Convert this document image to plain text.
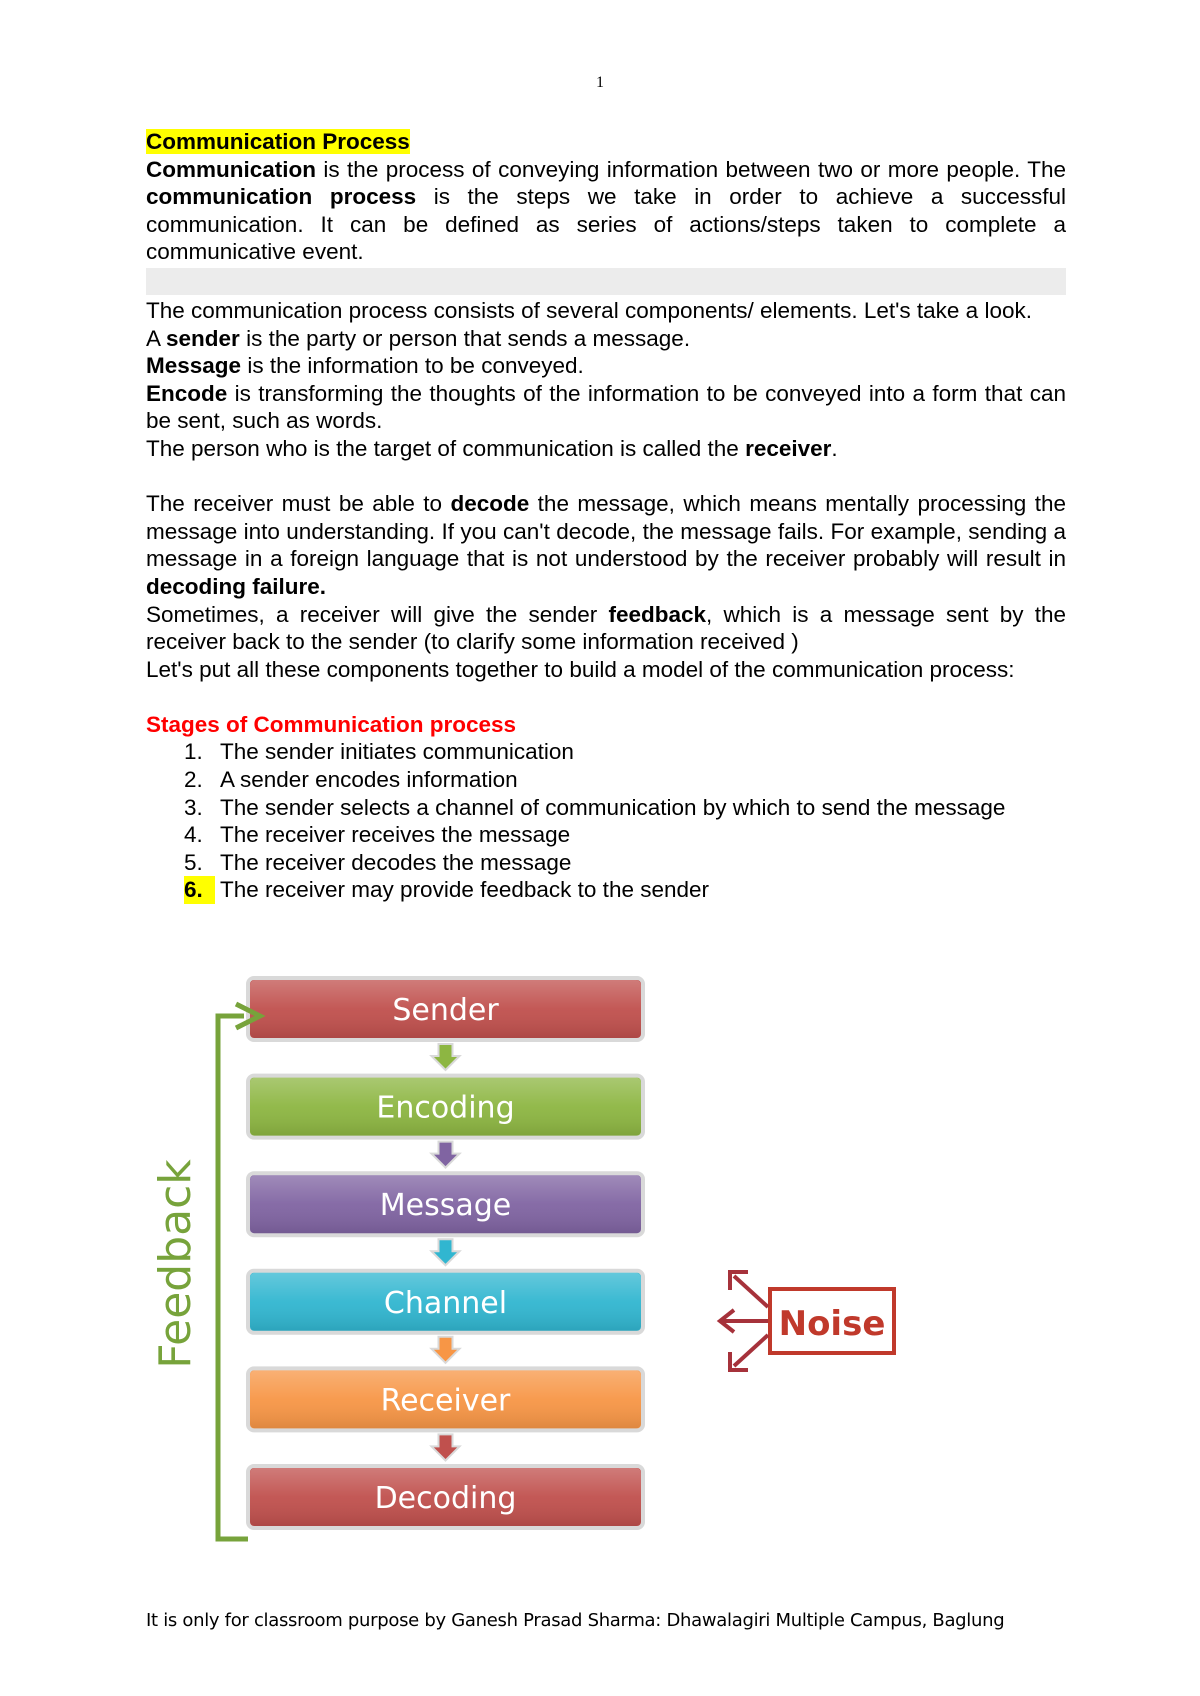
1

Communication Process

Communication is the process of conveying information between two or more people. The communication process is the steps we take in order to achieve a successful communication. It can be defined as series of actions/steps taken to complete a communicative event.

The communication process consists of several components/ elements. Let's take a look.

A sender is the party or person that sends a message.

Message is the information to be conveyed.

Encode is transforming the thoughts of the information to be conveyed into a form that can be sent, such as words.

The person who is the target of communication is called the receiver.

The receiver must be able to decode the message, which means mentally processing the message into understanding. If you can't decode, the message fails. For example, sending a message in a foreign language that is not understood by the receiver probably will result in decoding failure.

Sometimes, a receiver will give the sender feedback, which is a message sent by the receiver back to the sender (to clarify some information received )

Let's put all these components together to build a model of the communication process:

Stages of Communication process

1. The sender initiates communication
2. A sender encodes information
3. The sender selects a channel of communication by which to send the message
4. The receiver receives the message
5. The receiver decodes the message
6. The receiver may provide feedback to the sender
Sender
Encoding
Message
Channel
Receiver
Decoding
Feedback	Noise
It is only for classroom purpose by Ganesh Prasad Sharma: Dhawalagiri Multiple Campus, Baglung
